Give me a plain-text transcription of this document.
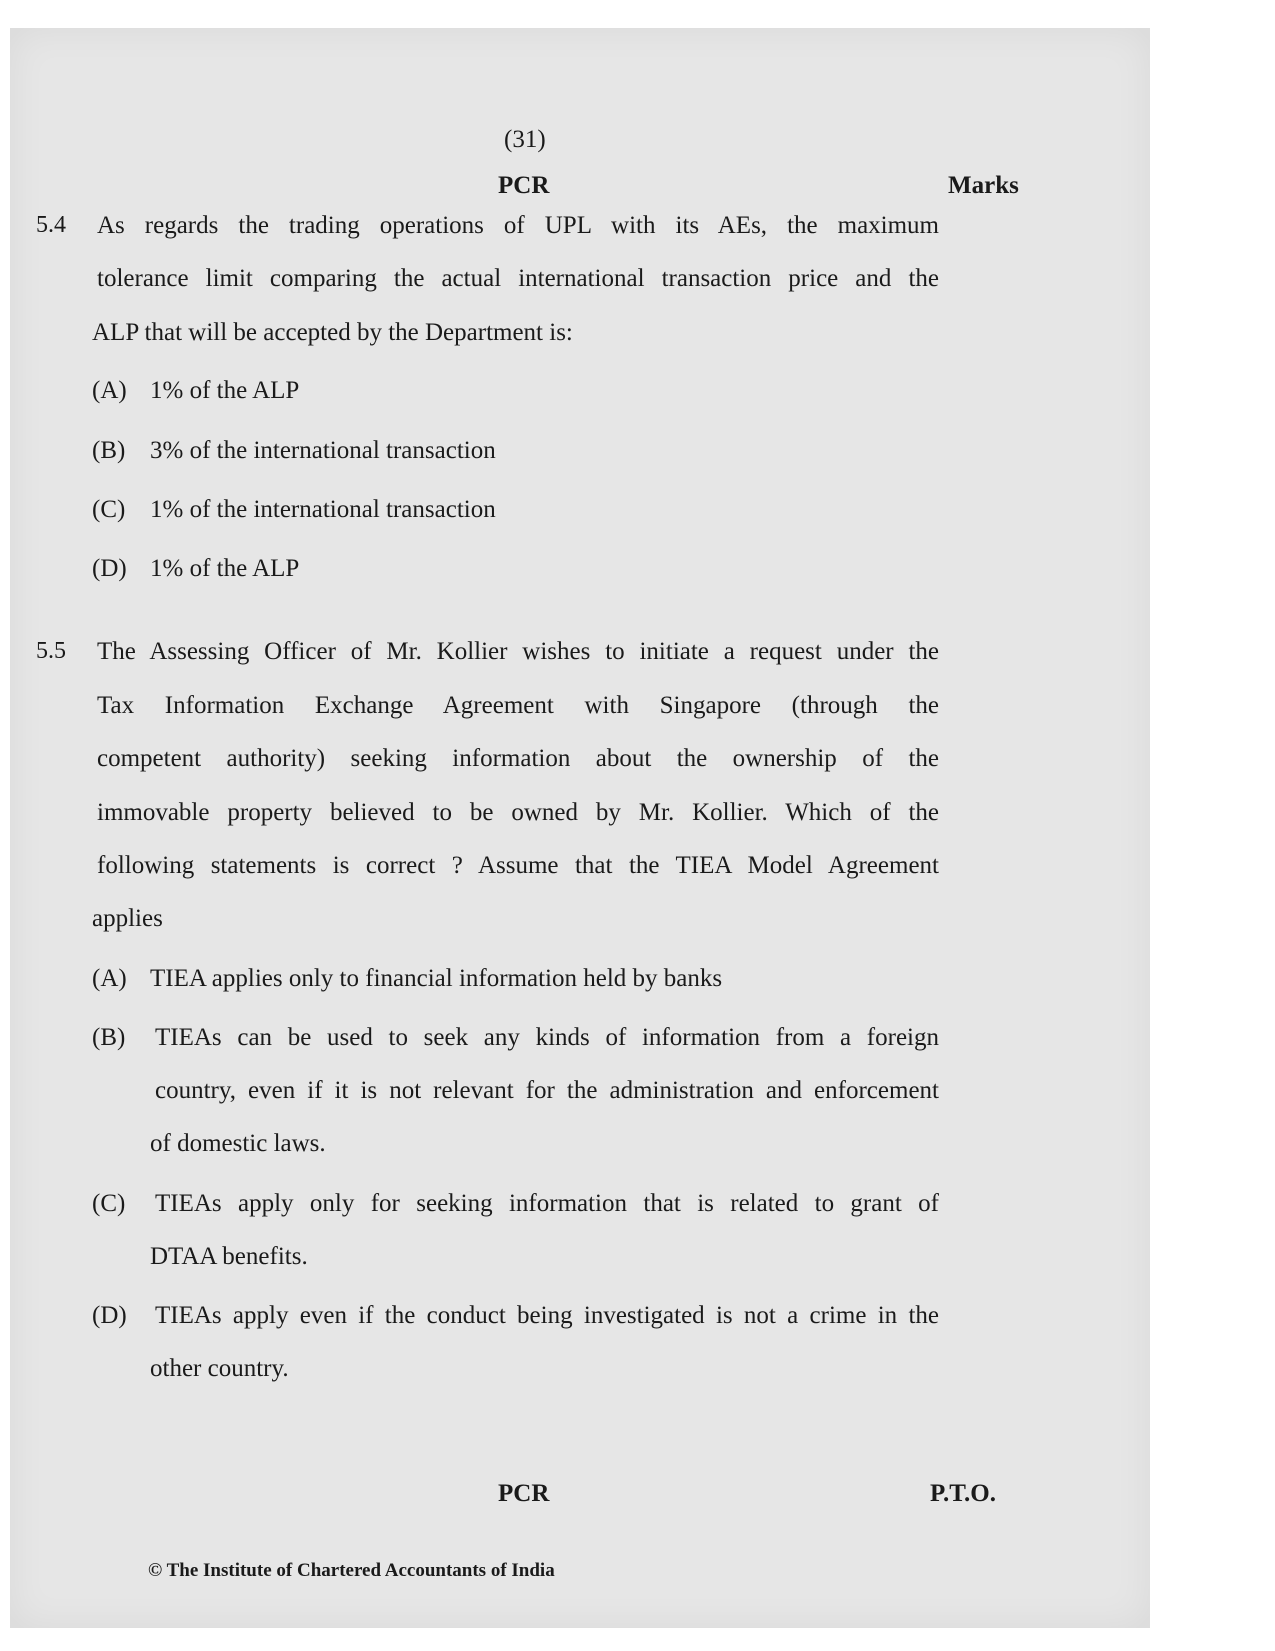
(31)
PCR	Marks
5.4 As regards the trading operations of UPL with its AEs, the maximum
tolerance limit comparing the actual international transaction price and the
ALP that will be accepted by the Department is:
(A) 1% of the ALP
(B) 3% of the international transaction
(C) 1% of the international transaction
(D) 1% of the ALP
5.5 The Assessing Officer of Mr. Kollier wishes to initiate a request under the
Tax Information Exchange Agreement with Singapore (through the
competent authority) seeking information about the ownership of the
immovable property believed to be owned by Mr. Kollier. Which of the
following statements is correct ? Assume that the TIEA Model Agreement
applies
(A) TIEA applies only to financial information held by banks
(B) TIEAs can be used to seek any kinds of information from a foreign
country, even if it is not relevant for the administration and enforcement
of domestic laws.
(C) TIEAs apply only for seeking information that is related to grant of
DTAA benefits.
(D) TIEAs apply even if the conduct being investigated is not a crime in the
other country.
PCR	P.T.O.
© The Institute of Chartered Accountants of India
